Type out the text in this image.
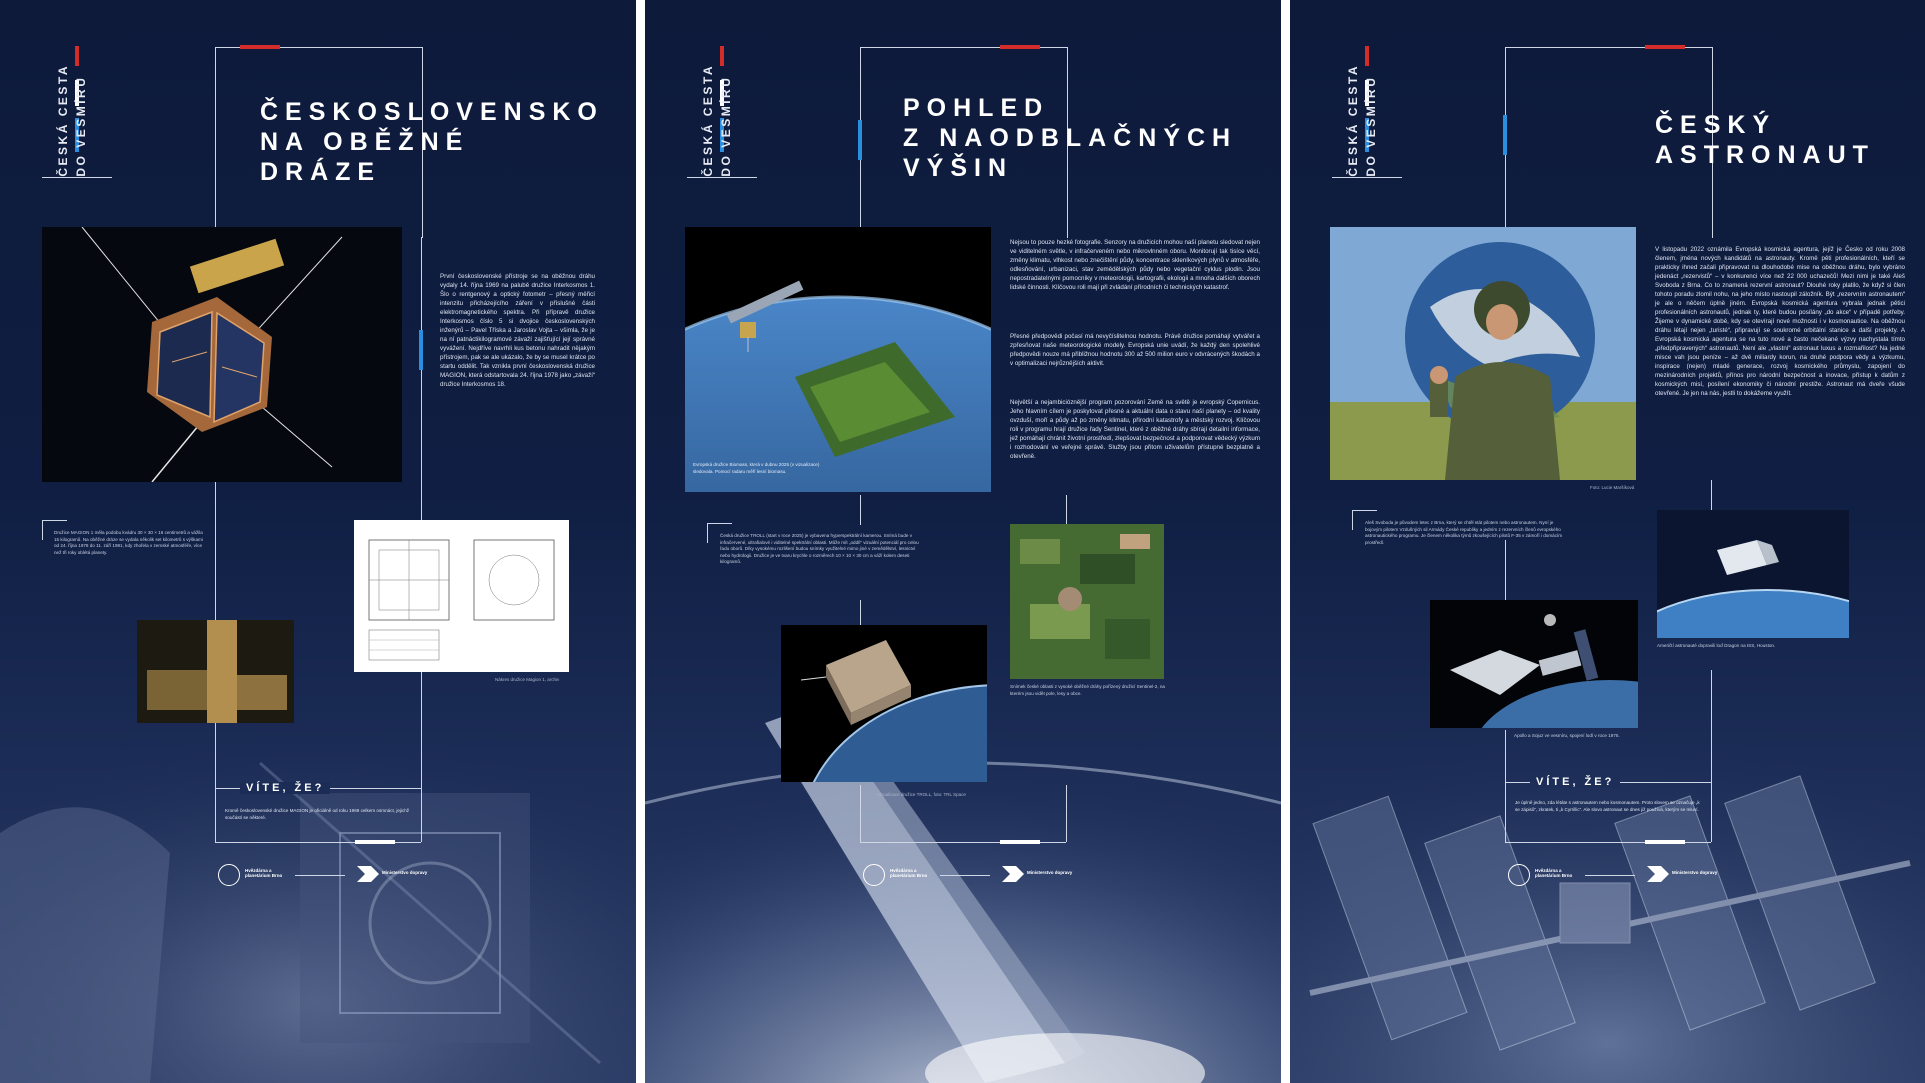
ČESKÁ CESTA DO VESMÍRU	ČESKOSLOVENSKO
NA OBĚŽNÉ
DRÁZE
První československé přístroje se na oběžnou dráhu vydaly 14. října 1969 na palubě družice Interkosmos 1. Šlo o rentgenový a optický fotometr – přesný měřicí intenzitu přicházejícího záření v příslušné části elektromagnetického spektra. Při přípravě družice Interkosmos číslo 5 si dvojice československých inženýrů – Pavel Tříska a Jaroslav Vojta – všimla, že je na ní patnáctikilogramové závaží zajišťující její správné vyvážení. Nejdříve navrhli kus betonu nahradit nějakým přístrojem, pak se ale ukázalo, že by se musel krátce po startu oddělit. Tak vznikla první československá družice MAGION, která odstartovala 24. října 1978 jako „závaží“ družice Interkosmos 18.
Družice MAGION 1 měla podobu kvádru 30 × 30 × 16 centimetrů a vážila 15 kilogramů. Na oběžné dráze se vydala několik set kilometrů s výškami od 24. října 1978 do 11. září 1981, kdy zhořela v zemské atmosféře, více než tři roky oblétá planety.
Nákres družice Magion 1, archiv
VÍTE, ŽE?
Kromě československé družice MAGION je oficiálně od roku 1969 celkem osmnáct, jejichž součástí se některé.
Hvězdárna a planetárium Brno
Ministerstvo dopravy
ČESKÁ CESTA DO VESMÍRU	POHLED
Z NAODBLAČNÝCH
VÝŠIN
Evropská družice Biomass, která v dubnu 2025 (v vizualizace) sledovala. Pomocí radaru měří lesní biomasu.
Nejsou to pouze hezké fotografie. Senzory na družicích mohou naší planetu sledovat nejen ve viditelném světle, v infračerveném nebo mikrovlnném oboru. Monitorují tak tisíce věcí, změny klimatu, vlhkost nebo znečištění půdy, koncentrace skleníkových plynů v atmosféře, odlesňování, urbanizaci, stav zemědělských půdy nebo vegetační cyklus plodin. Jsou nepostradatelnými pomocníky v meteorologii, kartografii, ekologii a mnoha dalších oborech lidské činnosti. Klíčovou roli mají při zvládání přírodních či technických katastrof.
Přesné předpovědi počasí má nevyčíslitelnou hodnotu. Právě družice pomáhají vytvářet a zpřesňovat naše meteorologické modely. Evropská unie uvádí, že každý den spolehlivé předpovědi nouze má přibližnou hodnotu 300 až 500 milion euro v odvrácených škodách a v optimalizaci nejrůznějších aktivit.
Největší a nejambicióznější program pozorování Země na světě je evropský Copernicus. Jeho hlavním cílem je poskytovat přesné a aktuální data o stavu naší planety – od kvality ovzduší, moří a půdy až po změny klimatu, přírodní katastrofy a městský rozvoj. Klíčovou roli v programu hrají družice řady Sentinel, které z oběžné dráhy sbírají detailní informace, jež pomáhají chránit životní prostředí, zlepšovat bezpečnost a podporovat vědecký výzkum i rozhodování ve veřejné správě. Služby jsou přitom uživatelům přístupné bezplatně a otevřeně.
Česká družice TROLL (start v roce 2025) je vybavena hyperspektrální kamerou. Snímá bude v infračervené, ultrafialové i viditelné spektrální oblasti. Může mít „oddíl“ vizuální potenciál pro celou řadu oborů. Díky vysokému rozlišení budou snímky využitelné mimo jiné v zemědělství, lesnictví nebo hydrologii. Družice je ve tvaru krychle o rozměrech 10 × 10 × 30 cm a váží kolem deseti kilogramů.
Snímek české oblasti z vysoké oběžné dráhy pořízený družicí Sentinel-2, na kterém jsou vidět pole, lesy a obce.
Vizualizace družice TROLL, foto: TRL Space
Hvězdárna a planetárium Brno
Ministerstvo dopravy
ČESKÁ CESTA DO VESMÍRU	ČESKÝ
ASTRONAUT
Foto: Lucie Maršíková
V listopadu 2022 oznámila Evropská kosmická agentura, jejíž je Česko od roku 2008 členem, jména nových kandidátů na astronauty. Kromě pěti profesionálních, kteří se prakticky ihned začali připravovat na dlouhodobé mise na oběžnou dráhu, bylo vybráno jedenáct „rezervistů“ – v konkurenci více než 22 000 uchazečů! Mezi nimi je také Aleš Svoboda z Brna. Co to znamená rezervní astronaut? Dlouhé roky platilo, že když si člen tohoto poradu zlomil nohu, na jeho místo nastoupil záložník. Být „rezervním astronautem“ je ale o něčem úplně jiném. Evropská kosmická agentura vybrala jednak pětici profesionálních astronautů, jednak ty, které budou posílány „do akce“ v případě potřeby. Žijeme v dynamické době, kdy se otevírají nové možnosti i v kosmonautice. Na oběžnou dráhu létají nejen „turisté“, připravují se soukromé orbitální stanice a další projekty. A Evropská kosmická agentura se na tuto nové a často nečekané výzvy nachystala tímto „předpřipravených“ astronautů. Není ale „vlastní“ astronaut luxus a rozmařilost? Na jedné misce vah jsou peníze – až dvě miliardy korun, na druhé podpora vědy a výzkumu, inspirace (nejen) mladé generace, rozvoj kosmického průmyslu, zapojení do mezinárodních projektů, přínos pro národní bezpečnost a inovace, přístup k datům z kosmických misí, posílení ekonomiky či národní prestiže. Astronaut má dveře všude otevřené. Je jen na nás, jestli to dokážeme využít.
Aleš Svoboda je původem letec z Brna, který se chtěl stát pilotem nebo astronautem. Nyní je bojovým pilotem Vzdušných sil Armády České republiky a jedním z rezervních členů evropského astronautického programu. Je členem několika týmů zkoušejících pilotů F-35 v zámoří i domácím prostředí.
Američtí astronauté dopravili loď Dragon na ISS, Houston.
Apollo a Sojuz ve vesmíru, spojení lodí v roce 1975.
VÍTE, ŽE?
Je úplně jedno, zda létáte s astronautem nebo kosmonautem. Proto slovem se označuje „k se zápisů“, zkratek, ti „k Cyrrillic“. Ale slovo astronaut se dnes již používá, kterým se mluví.
Hvězdárna a planetárium Brno
Ministerstvo dopravy
